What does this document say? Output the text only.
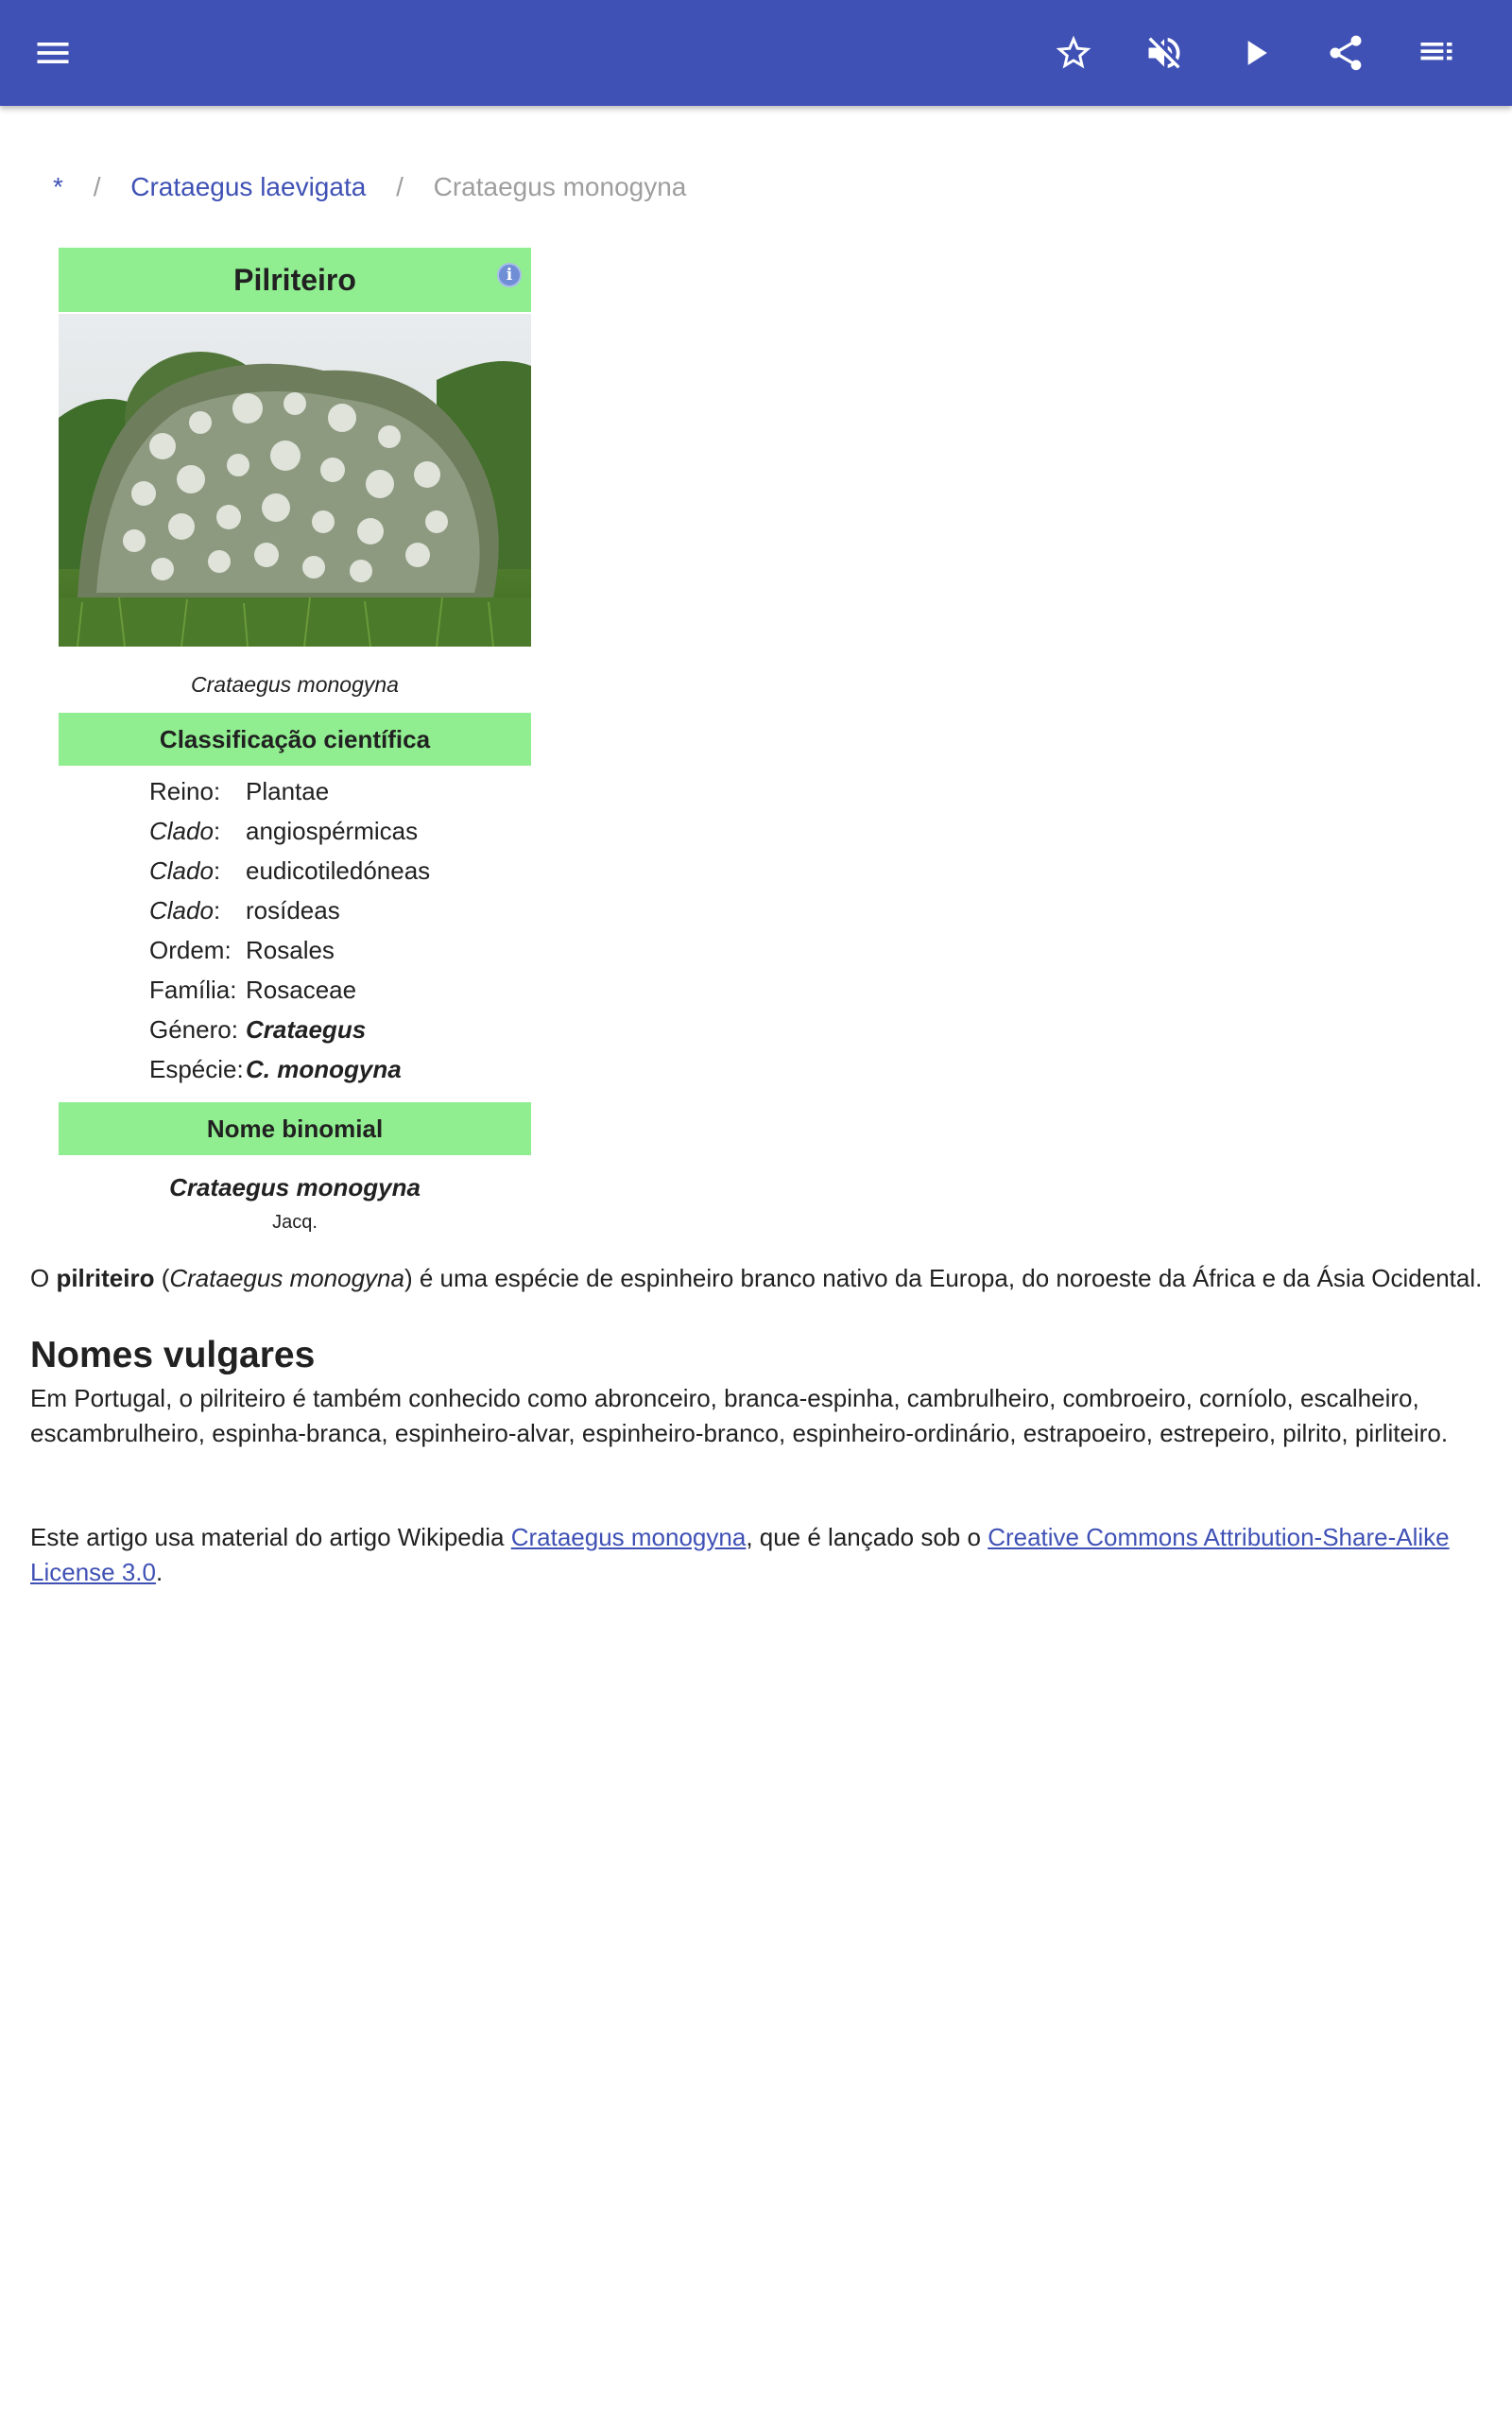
* / Crataegus laevigata / Crataegus monogyna
Pilriteiro	i
Crataegus monogyna
Classificação científica
Reino:	Plantae
Clado:	angiospérmicas
Clado:	eudicotiledóneas
Clado:	rosídeas
Ordem: Rosales
Família: Rosaceae
Género: Crataegus
Espécie: C. monogyna
Nome binomial
Crataegus monogyna
Jacq.
O pilriteiro (Crataegus monogyna) é uma espécie de espinheiro branco nativo da Europa, do noroeste da África e da Ásia Ocidental.
Nomes vulgares
Em Portugal, o pilriteiro é também conhecido como abronceiro, branca-espinha, cambrulheiro, combroeiro, corníolo, escalheiro, escambrulheiro, espinha-branca, espinheiro-alvar, espinheiro-branco, espinheiro-ordinário, estrapoeiro, estrepeiro, pilrito, pirliteiro.
Este artigo usa material do artigo Wikipedia Crataegus monogyna, que é lançado sob o Creative Commons Attribution-Share-Alike License 3.0.
